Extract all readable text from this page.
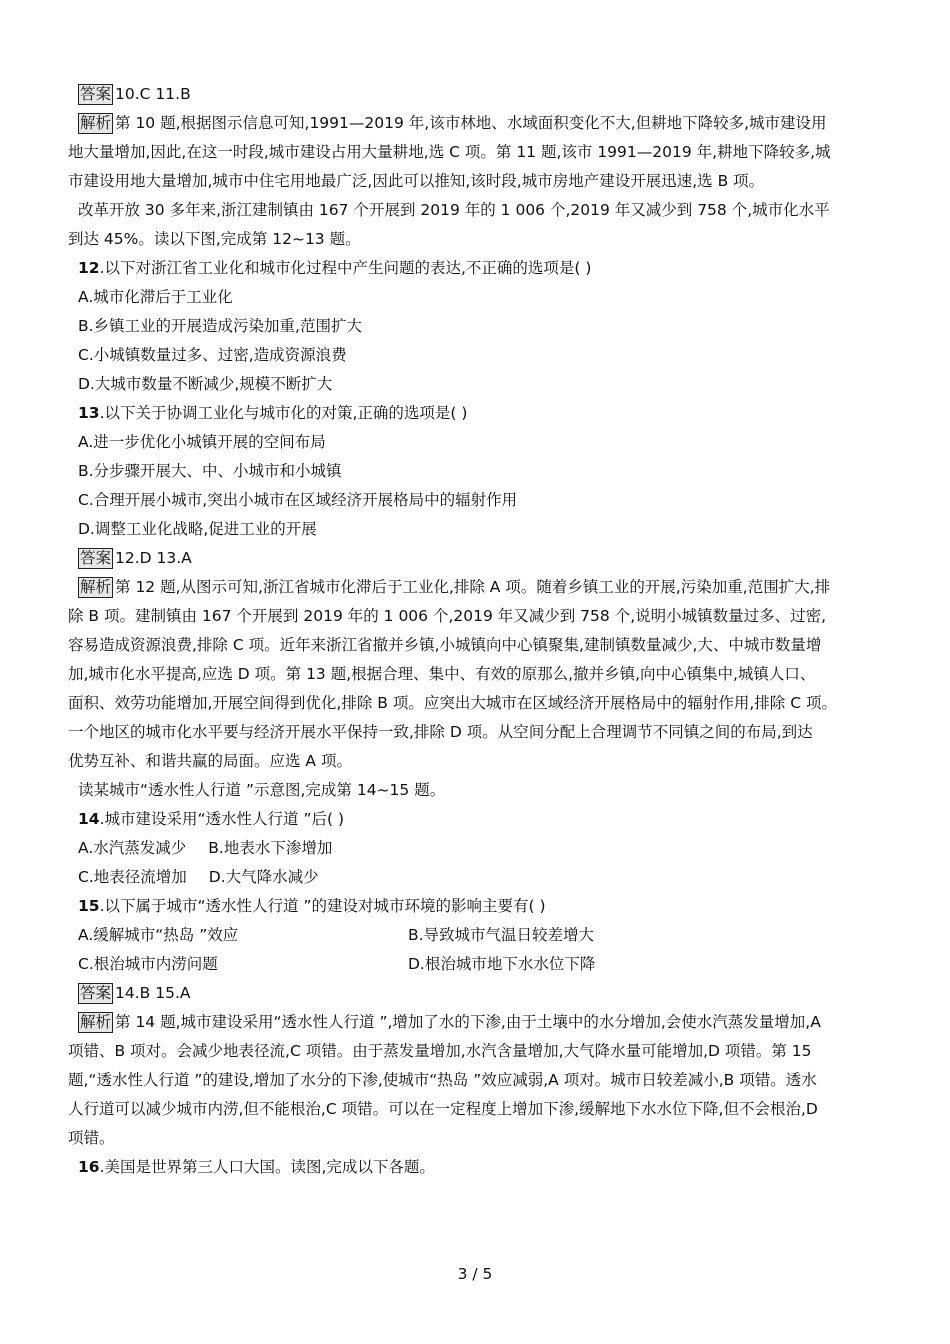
答案 10.C 11.B
解析 第 10 题,根据图示信息可知,1991—2019 年,该市林地、水域面积变化不大,但耕地下降较多,城市建设用
地大量增加,因此,在这一时段,城市建设占用大量耕地,选 C 项。第 11 题,该市 1991—2019 年,耕地下降较多,城
市建设用地大量增加,城市中住宅用地最广泛,因此可以推知,该时段,城市房地产建设开展迅速,选 B 项。
改革开放 30 多年来,浙江建制镇由 167 个开展到 2019 年的 1 006 个,2019 年又减少到 758 个,城市化水平
到达 45%。读以下图,完成第 12~13 题。
12.以下对浙江省工业化和城市化过程中产生问题的表达,不正确的选项是( )
A.城市化滞后于工业化
B.乡镇工业的开展造成污染加重,范围扩大
C.小城镇数量过多、过密,造成资源浪费
D.大城市数量不断减少,规模不断扩大
13.以下关于协调工业化与城市化的对策,正确的选项是( )
A.进一步优化小城镇开展的空间布局
B.分步骤开展大、中、小城市和小城镇
C.合理开展小城市,突出小城市在区域经济开展格局中的辐射作用
D.调整工业化战略,促进工业的开展
答案 12.D 13.A
解析 第 12 题,从图示可知,浙江省城市化滞后于工业化,排除 A 项。随着乡镇工业的开展,污染加重,范围扩大,排
除 B 项。建制镇由 167 个开展到 2019 年的 1 006 个,2019 年又减少到 758 个,说明小城镇数量过多、过密,
容易造成资源浪费,排除 C 项。近年来浙江省撤并乡镇,小城镇向中心镇聚集,建制镇数量减少,大、中城市数量增
加,城市化水平提高,应选 D 项。第 13 题,根据合理、集中、有效的原那么,撤并乡镇,向中心镇集中,城镇人口、
面积、效劳功能增加,开展空间得到优化,排除 B 项。应突出大城市在区域经济开展格局中的辐射作用,排除 C 项。
一个地区的城市化水平要与经济开展水平保持一致,排除 D 项。从空间分配上合理调节不同镇之间的布局,到达
优势互补、和谐共赢的局面。应选 A 项。
读某城市“透水性人行道 ”示意图,完成第 14~15 题。
14.城市建设采用“透水性人行道 ”后( )
A.水汽蒸发减少 B.地表水下渗增加
C.地表径流增加 D.大气降水减少
15.以下属于城市“透水性人行道 ”的建设对城市环境的影响主要有( )
A.缓解城市“热岛 ”效应	B.导致城市气温日较差增大
C.根治城市内涝问题	D.根治城市地下水水位下降
答案 14.B 15.A
解析 第 14 题,城市建设采用“透水性人行道 ”,增加了水的下渗,由于土壤中的水分增加,会使水汽蒸发量增加,A
项错、B 项对。会减少地表径流,C 项错。由于蒸发量增加,水汽含量增加,大气降水量可能增加,D 项错。第 15
题,“透水性人行道 ”的建设,增加了水分的下渗,使城市“热岛 ”效应减弱,A 项对。城市日较差减小,B 项错。透水
人行道可以减少城市内涝,但不能根治,C 项错。可以在一定程度上增加下渗,缓解地下水水位下降,但不会根治,D
项错。
16.美国是世界第三人口大国。读图,完成以下各题。
3 / 5
